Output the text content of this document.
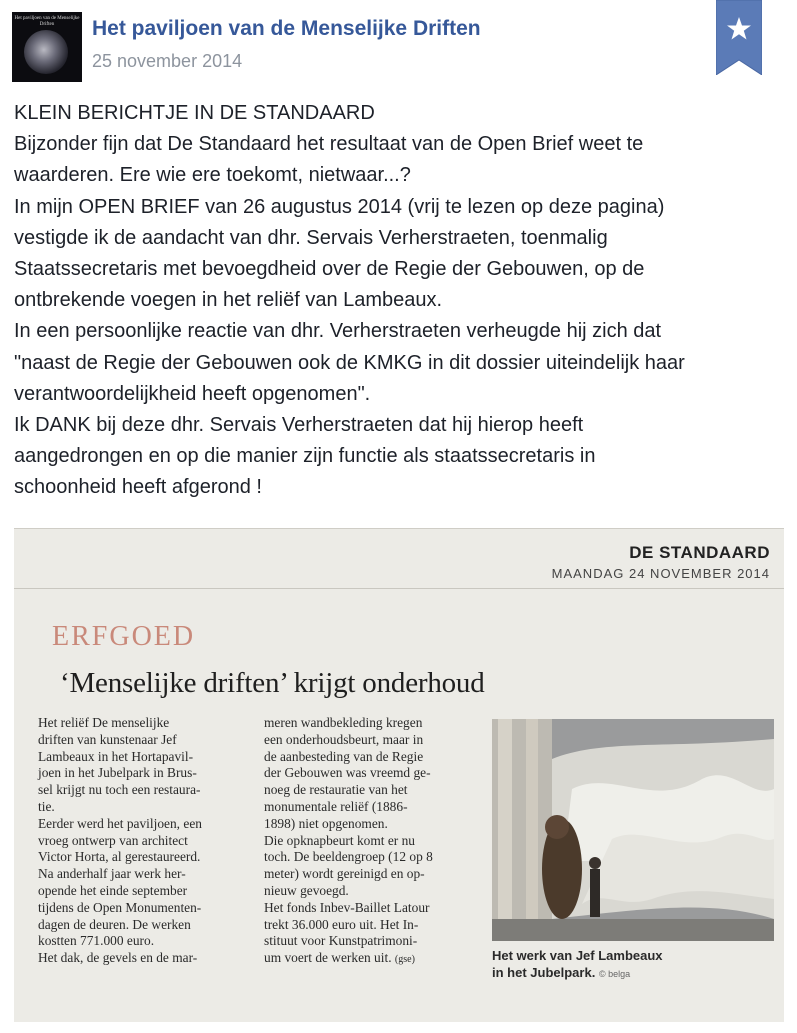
Het paviljoen van de Menselijke Driften	Het paviljoen van de Menselijke Driften
25 november 2014

KLEIN BERICHTJE IN DE STANDAARD

Bijzonder fijn dat De Standaard het resultaat van de Open Brief weet te

waarderen. Ere wie ere toekomt, nietwaar...?

In mijn OPEN BRIEF van 26 augustus 2014 (vrij te lezen op deze pagina)

vestigde ik de aandacht van dhr. Servais Verherstraeten, toenmalig

Staatssecretaris met bevoegdheid over de Regie der Gebouwen, op de

ontbrekende voegen in het reliëf van Lambeaux.

In een persoonlijke reactie van dhr. Verherstraeten verheugde hij zich dat

"naast de Regie der Gebouwen ook de KMKG in dit dossier uiteindelijk haar

verantwoordelijkheid heeft opgenomen".

Ik DANK bij deze dhr. Servais Verherstraeten dat hij hierop heeft

aangedrongen en op die manier zijn functie als staatssecretaris in

schoonheid heeft afgerond !

DE STANDAARD
MAANDAG 24 NOVEMBER 2014
ERFGOED
‘Menselijke driften’ krijgt onderhoud

Het reliëf De menselijke

driften van kunstenaar Jef

Lambeaux in het Hortapavil-

joen in het Jubelpark in Brus-

sel krijgt nu toch een restaura-

tie.

Eerder werd het paviljoen, een

vroeg ontwerp van architect

Victor Horta, al gerestaureerd.

Na anderhalf jaar werk her-

opende het einde september

tijdens de Open Monumenten-

dagen de deuren. De werken

kostten 771.000 euro.

Het dak, de gevels en de mar-

meren wandbekleding kregen

een onderhoudsbeurt, maar in

de aanbesteding van de Regie

der Gebouwen was vreemd ge-

noeg de restauratie van het

monumentale reliëf (1886-

1898) niet opgenomen.

Die opknapbeurt komt er nu

toch. De beeldengroep (12 op 8

meter) wordt gereinigd en op-

nieuw gevoegd.

Het fonds Inbev-Baillet Latour

trekt 36.000 euro uit. Het In-

stituut voor Kunstpatrimoni-

um voert de werken uit. (gse)	Het werk van Jef Lambeaux
in het Jubelpark. © belga
